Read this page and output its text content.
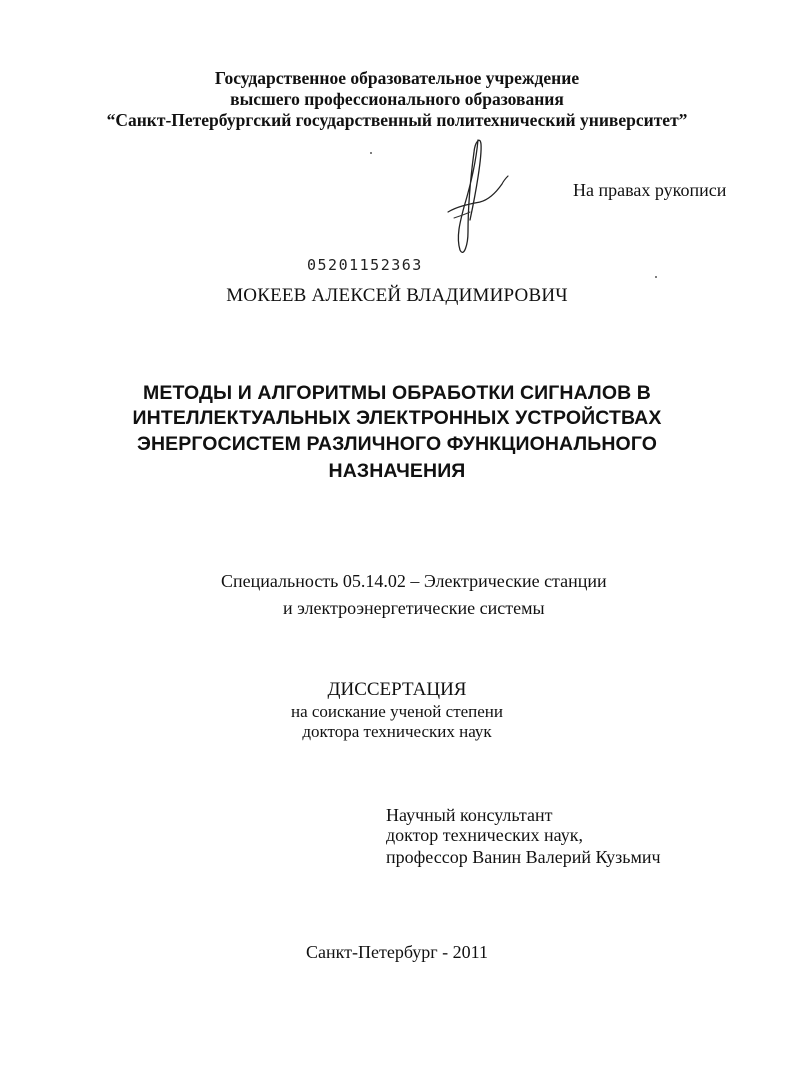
Государственное образовательное учреждение
высшего профессионального образования
“Санкт-Петербургский государственный политехнический университет”
На правах рукописи
05201152363
МОКЕЕВ АЛЕКСЕЙ ВЛАДИМИРОВИЧ
МЕТОДЫ И АЛГОРИТМЫ ОБРАБОТКИ СИГНАЛОВ В
ИНТЕЛЛЕКТУАЛЬНЫХ ЭЛЕКТРОННЫХ УСТРОЙСТВАХ
ЭНЕРГОСИСТЕМ РАЗЛИЧНОГО ФУНКЦИОНАЛЬНОГО
НАЗНАЧЕНИЯ
Специальность 05.14.02 – Электрические станции
и электроэнергетические системы
ДИССЕРТАЦИЯ
на соискание ученой степени
доктора технических наук
Научный консультант
доктор технических наук,
профессор Ванин Валерий Кузьмич
Санкт-Петербург - 2011
